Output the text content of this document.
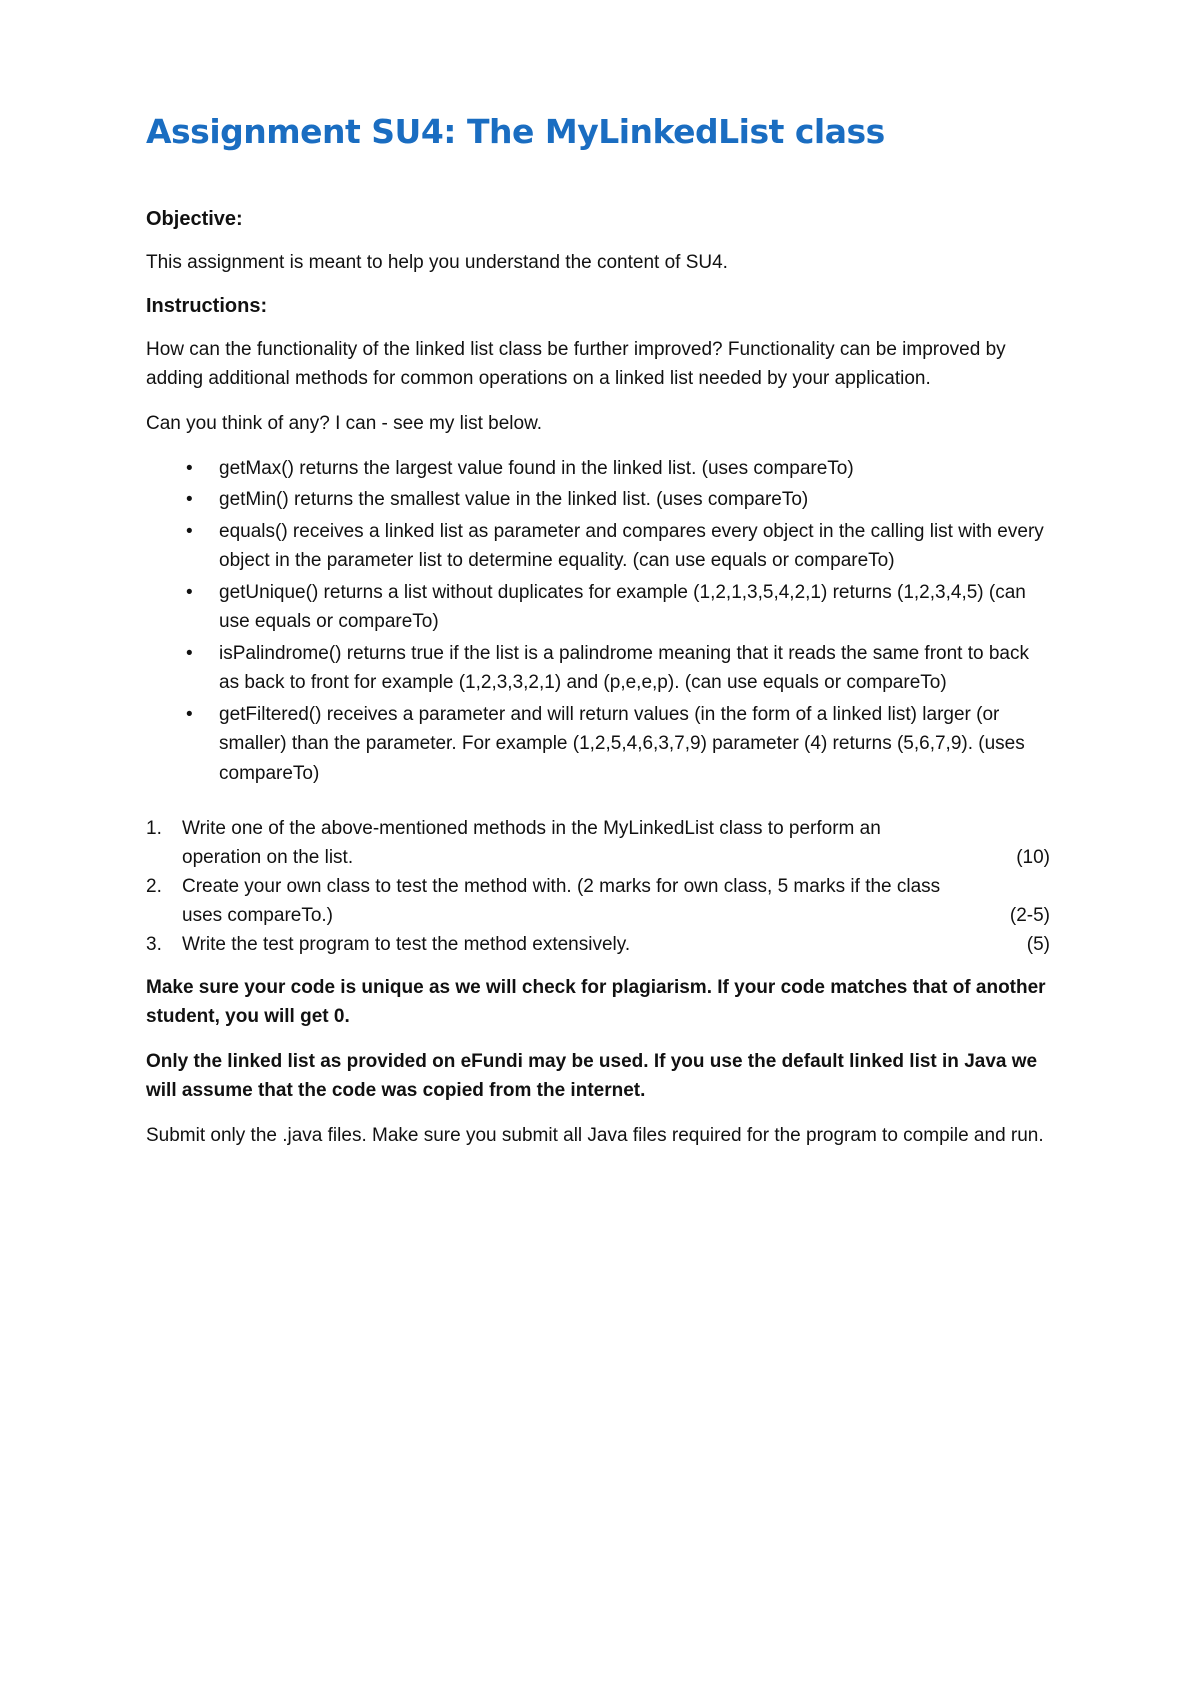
Assignment SU4: The MyLinkedList class
Objective:

This assignment is meant to help you understand the content of SU4.

Instructions:

How can the functionality of the linked list class be further improved? Functionality can be improved by adding additional methods for common operations on a linked list needed by your application.

Can you think of any? I can - see my list below.

• getMax() returns the largest value found in the linked list. (uses compareTo)
• getMin() returns the smallest value in the linked list. (uses compareTo)
• equals() receives a linked list as parameter and compares every object in the calling list with every object in the parameter list to determine equality. (can use equals or compareTo)
• getUnique() returns a list without duplicates for example (1,2,1,3,5,4,2,1) returns (1,2,3,4,5) (can use equals or compareTo)
• isPalindrome() returns true if the list is a palindrome meaning that it reads the same front to back as back to front for example (1,2,3,3,2,1) and (p,e,e,p). (can use equals or compareTo)
• getFiltered() receives a parameter and will return values (in the form of a linked list) larger (or smaller) than the parameter. For example (1,2,5,4,6,3,7,9) parameter (4) returns (5,6,7,9). (uses compareTo)
1. Write one of the above-mentioned methods in the MyLinkedList class to perform an
operation on the list.	(10)
2. Create your own class to test the method with. (2 marks for own class, 5 marks if the class
uses compareTo.)	(2-5)
3. Write the test program to test the method extensively.	(5)

Make sure your code is unique as we will check for plagiarism. If your code matches that of another student, you will get 0.

Only the linked list as provided on eFundi may be used. If you use the default linked list in Java we will assume that the code was copied from the internet.

Submit only the .java files. Make sure you submit all Java files required for the program to compile and run.
